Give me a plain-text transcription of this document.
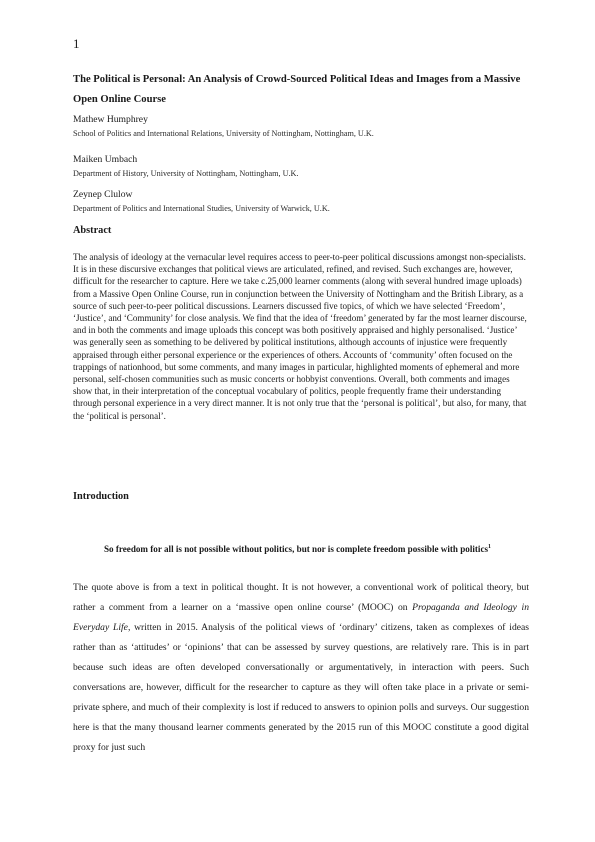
1
The Political is Personal: An Analysis of Crowd-Sourced Political Ideas and Images from a Massive Open Online Course
Mathew Humphrey
School of Politics and International Relations, University of Nottingham, Nottingham, U.K.
Maiken Umbach
Department of History, University of Nottingham, Nottingham, U.K.
Zeynep Clulow
Department of Politics and International Studies, University of Warwick, U.K.
Abstract

The analysis of ideology at the vernacular level requires access to peer-to-peer political discussions amongst non-specialists. It is in these discursive exchanges that political views are articulated, refined, and revised. Such exchanges are, however, difficult for the researcher to capture. Here we take c.25,000 learner comments (along with several hundred image uploads) from a Massive Open Online Course, run in conjunction between the University of Nottingham and the British Library, as a source of such peer-to-peer political discussions. Learners discussed five topics, of which we have selected ‘Freedom’, ‘Justice’, and ‘Community’ for close analysis. We find that the idea of ‘freedom’ generated by far the most learner discourse, and in both the comments and image uploads this concept was both positively appraised and highly personalised. ‘Justice’ was generally seen as something to be delivered by political institutions, although accounts of injustice were frequently appraised through either personal experience or the experiences of others. Accounts of ‘community’ often focused on the trappings of nationhood, but some comments, and many images in particular, highlighted moments of ephemeral and more personal, self-chosen communities such as music concerts or hobbyist conventions. Overall, both comments and images show that, in their interpretation of the conceptual vocabulary of politics, people frequently frame their understanding through personal experience in a very direct manner. It is not only true that the ‘personal is political’, but also, for many, that the ‘political is personal’.

Introduction

So freedom for all is not possible without politics, but nor is complete freedom possible with politics$^1$

The quote above is from a text in political thought. It is not however, a conventional work of political theory, but rather a comment from a learner on a ‘massive open online course’ (MOOC) on Propaganda and Ideology in Everyday Life, written in 2015. Analysis of the political views of ‘ordinary’ citizens, taken as complexes of ideas rather than as ‘attitudes’ or ‘opinions’ that can be assessed by survey questions, are relatively rare. This is in part because such ideas are often developed conversationally or argumentatively, in interaction with peers. Such conversations are, however, difficult for the researcher to capture as they will often take place in a private or semi-private sphere, and much of their complexity is lost if reduced to answers to opinion polls and surveys. Our suggestion here is that the many thousand learner comments generated by the 2015 run of this MOOC constitute a good digital proxy for just such
